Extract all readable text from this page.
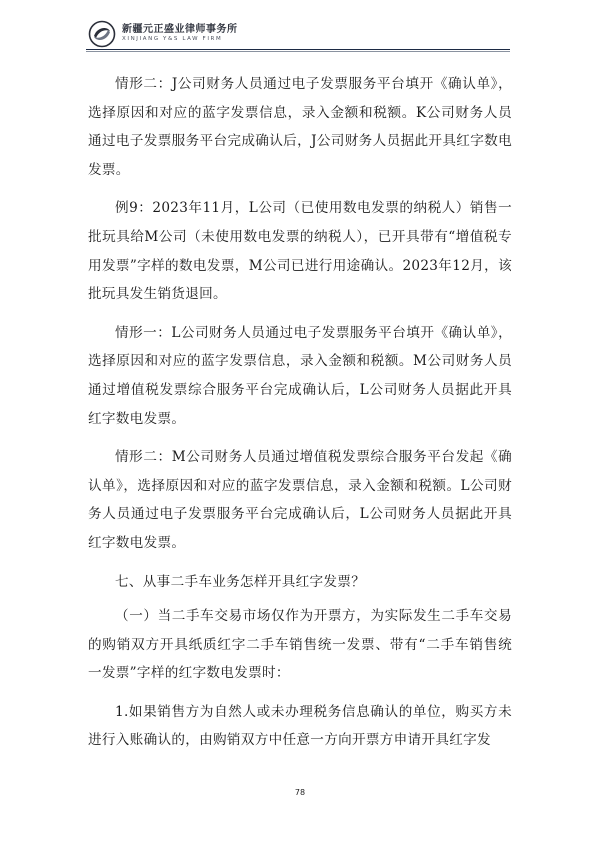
新疆元正盛业律师事务所
XINJIANG Y&S LAW FIRM

情形二：J公司财务人员通过电子发票服务平台填开《确认单》，选择原因和对应的蓝字发票信息，录入金额和税额。K公司财务人员通过电子发票服务平台完成确认后，J公司财务人员据此开具红字数电发票。

例9：2023年11月，L公司（已使用数电发票的纳税人）销售一批玩具给M公司（未使用数电发票的纳税人），已开具带有“增值税专用发票”字样的数电发票，M公司已进行用途确认。2023年12月，该批玩具发生销货退回。

情形一：L公司财务人员通过电子发票服务平台填开《确认单》，选择原因和对应的蓝字发票信息，录入金额和税额。M公司财务人员通过增值税发票综合服务平台完成确认后，L公司财务人员据此开具红字数电发票。

情形二：M公司财务人员通过增值税发票综合服务平台发起《确认单》，选择原因和对应的蓝字发票信息，录入金额和税额。L公司财务人员通过电子发票服务平台完成确认后，L公司财务人员据此开具红字数电发票。

七、从事二手车业务怎样开具红字发票？

（一）当二手车交易市场仅作为开票方，为实际发生二手车交易的购销双方开具纸质红字二手车销售统一发票、带有“二手车销售统一发票”字样的红字数电发票时：

1.如果销售方为自然人或未办理税务信息确认的单位，购买方未进行入账确认的，由购销双方中任意一方向开票方申请开具红字发

78
